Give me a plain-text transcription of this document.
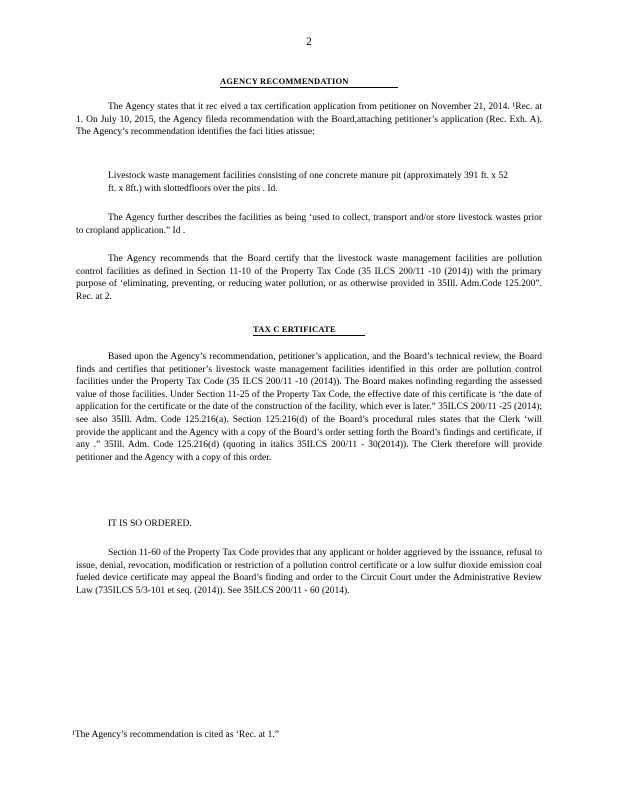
2
AGENCY RECOMMENDATION

The Agency states that it rec eived a tax certification application from petitioner on November 21, 2014. ¹Rec. at 1. On July 10, 2015, the Agency fileda recommendation with the Board,attaching petitioner’s application (Rec. Exh. A). The Agency’s recommendation identifies the faci lities atissue:

Livestock waste management facilities consisting of one concrete manure pit (approximately 391 ft. x 52 ft. x 8ft.) with slottedfloors over the pits . Id.

The Agency further describes the facilities as being ‘used to collect, transport and/or store livestock wastes prior to cropland application.” Id .

The Agency recommends that the Board certify that the livestock waste management facilities are pollution control facilities as defined in Section 11-10 of the Property Tax Code (35 ILCS 200/11 -10 (2014)) with the primary purpose of ‘eliminating, preventing, or reducing water pollution, or as otherwise provided in 35Ill. Adm.Code 125.200”. Rec. at 2.

TAX C ERTIFICATE

Based upon the Agency’s recommendation, petitioner’s application, and the Board’s technical review, the Board finds and certifies that petitioner’s livestock waste management facilities identified in this order are pollution control facilities under the Property Tax Code (35 ILCS 200/11 -10 (2014)). The Board makes nofinding regarding the assessed value of those facilities. Under Section 11-25 of the Property Tax Code, the effective date of this certificate is ‘the date of application for the certificate or the date of the construction of the facility, which ever is later.” 35ILCS 200/11 -25 (2014); see also 35Ill. Adm. Code 125.216(a). Section 125.216(d) of the Board’s procedural rules states that the Clerk ‘will provide the applicant and the Agency with a copy of the Board’s order setting forth the Board’s findings and certificate, if any .” 35Ill. Adm. Code 125.216(d) (quoting in italics 35ILCS 200/11 - 30(2014)). The Clerk therefore will provide petitioner and the Agency with a copy of this order.

IT IS SO ORDERED.

Section 11-60 of the Property Tax Code provides that any applicant or holder aggrieved by the issuance, refusal to issue, denial, revocation, modification or restriction of a pollution control certificate or a low sulfur dioxide emission coal fueled device certificate may appeal the Board’s finding and order to the Circuit Court under the Administrative Review Law (735ILCS 5/3-101 et seq. (2014)). See 35ILCS 200/11 - 60 (2014).

¹The Agency’s recommendation is cited as ‘Rec. at 1.”
